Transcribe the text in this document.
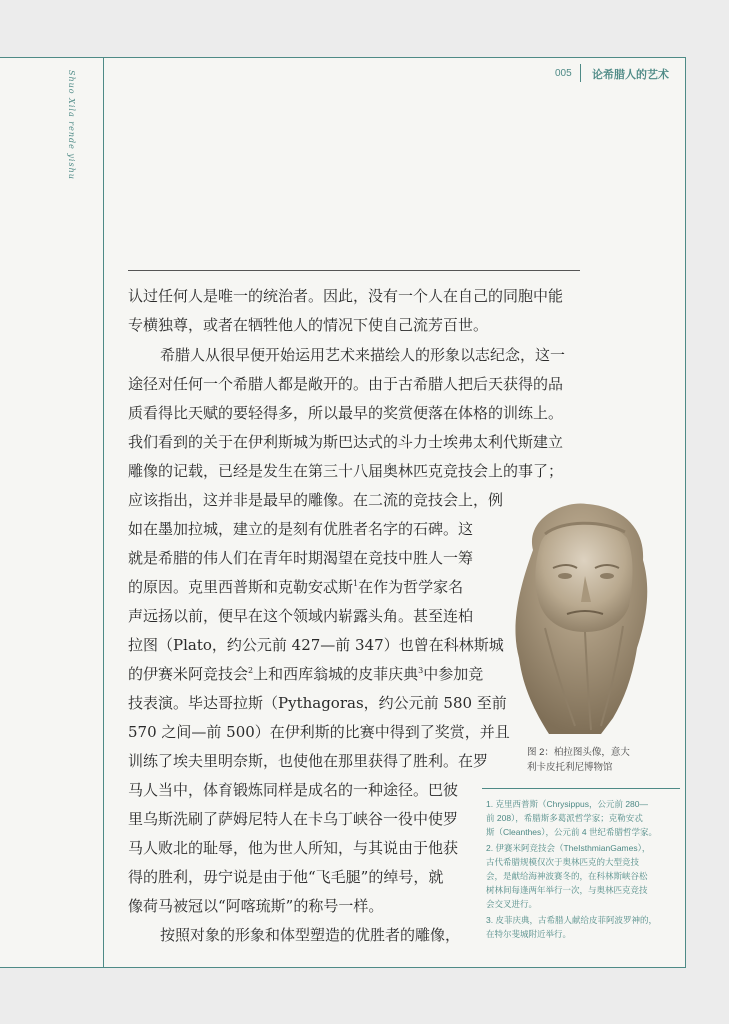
Shuo Xila rende yishu	005 论希腊人的艺术
认过任何人是唯一的统治者。因此，没有一个人在自己的同胞中能
专横独尊，或者在牺牲他人的情况下使自己流芳百世。
希腊人从很早便开始运用艺术来描绘人的形象以志纪念，这一
途径对任何一个希腊人都是敞开的。由于古希腊人把后天获得的品
质看得比天赋的要轻得多，所以最早的奖赏便落在体格的训练上。
我们看到的关于在伊利斯城为斯巴达式的斗力士埃弗太利代斯建立
雕像的记载，已经是发生在第三十八届奥林匹克竞技会上的事了；
应该指出，这并非是最早的雕像。在二流的竞技会上，例
如在墨加拉城，建立的是刻有优胜者名字的石碑。这
就是希腊的伟人们在青年时期渴望在竞技中胜人一筹
的原因。克里西普斯和克勒安忒斯$^1$在作为哲学家名
声远扬以前，便早在这个领域内崭露头角。甚至连柏
拉图（Plato，约公元前 427—前 347）也曾在科林斯城
的伊赛米阿竞技会$^2$上和西库翁城的皮菲庆典$^3$中参加竞
技表演。毕达哥拉斯（Pythagoras，约公元前 580 至前
570 之间—前 500）在伊利斯的比赛中得到了奖赏，并且
训练了埃夫里明奈斯，也使他在那里获得了胜利。在罗
马人当中，体育锻炼同样是成名的一种途径。巴彼
里乌斯洗刷了萨姆尼特人在卡乌丁峡谷一役中使罗
马人败北的耻辱，他为世人所知，与其说由于他获
得的胜利，毋宁说是由于他“飞毛腿”的绰号，就
像荷马被冠以“阿喀琉斯”的称号一样。
按照对象的形象和体型塑造的优胜者的雕像，
图 2：柏拉图头像，意大
利卡皮托利尼博物馆
1. 克里西普斯（Chrysippus，公元前 280—
前 208），希腊斯多葛派哲学家；克勒安忒
斯（Cleanthes），公元前 4 世纪希腊哲学家。
2. 伊赛米阿竞技会（TheIsthmianGames），
古代希腊规模仅次于奥林匹克的大型竞技
会，是献给海神波赛冬的，在科林斯峡谷松
树林间每逢两年举行一次，与奥林匹克竞技
会交叉进行。
3. 皮菲庆典，古希腊人献给皮菲阿波罗神的，
在特尔斐城附近举行。
